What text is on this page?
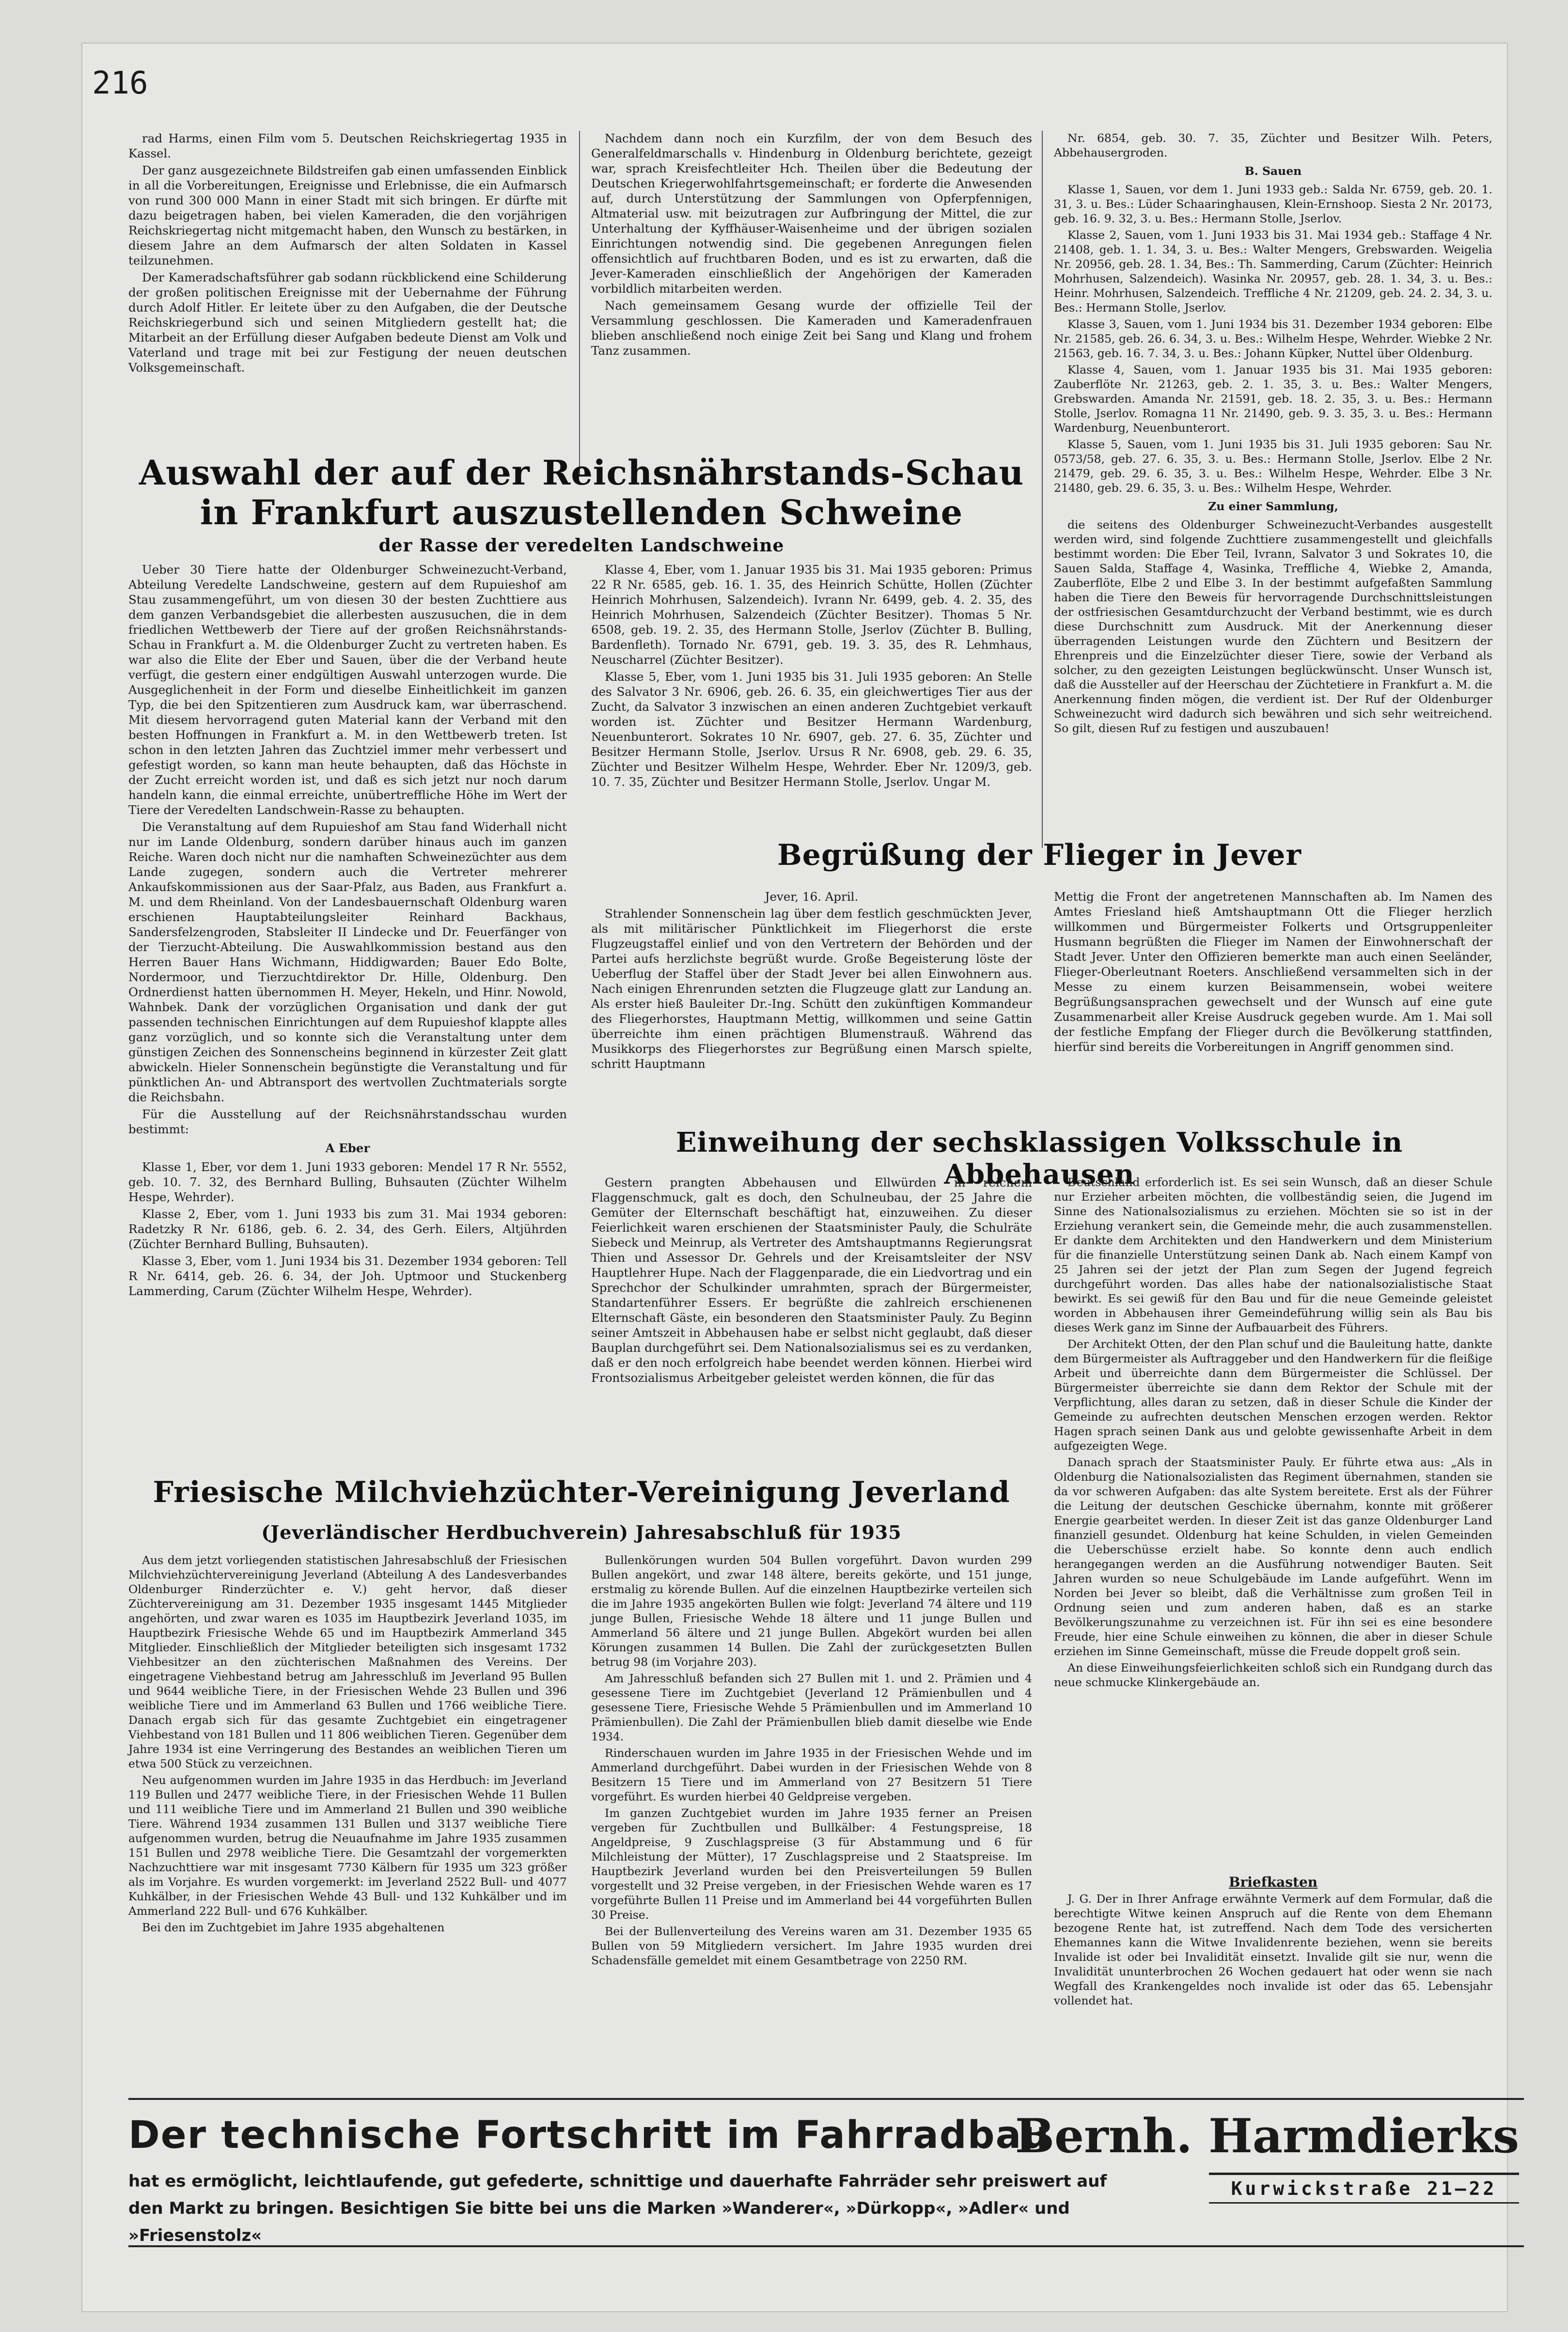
216

rad Harms, einen Film vom 5. Deutschen Reichskriegertag 1935 in Kassel.

Der ganz ausgezeichnete Bildstreifen gab einen umfassenden Einblick in all die Vorbereitungen, Ereignisse und Erlebnisse, die ein Aufmarsch von rund 300 000 Mann in einer Stadt mit sich bringen. Er dürfte mit dazu beigetragen haben, bei vielen Kameraden, die den vorjährigen Reichskriegertag nicht mitgemacht haben, den Wunsch zu bestärken, in diesem Jahre an dem Aufmarsch der alten Soldaten in Kassel teilzunehmen.

Der Kameradschaftsführer gab sodann rückblickend eine Schilderung der großen politischen Ereignisse mit der Uebernahme der Führung durch Adolf Hitler. Er leitete über zu den Aufgaben, die der Deutsche Reichskriegerbund sich und seinen Mitgliedern gestellt hat; die Mitarbeit an der Erfüllung dieser Aufgaben bedeute Dienst am Volk und Vaterland und trage mit bei zur Festigung der neuen deutschen Volksgemeinschaft.

Nachdem dann noch ein Kurzfilm, der von dem Besuch des Generalfeldmarschalls v. Hindenburg in Oldenburg berichtete, gezeigt war, sprach Kreisfechtleiter Hch. Theilen über die Bedeutung der Deutschen Kriegerwohlfahrtsgemeinschaft; er forderte die Anwesenden auf, durch Unterstützung der Sammlungen von Opferpfennigen, Altmaterial usw. mit beizutragen zur Aufbringung der Mittel, die zur Unterhaltung der Kyffhäuser-Waisenheime und der übrigen sozialen Einrichtungen notwendig sind. Die gegebenen Anregungen fielen offensichtlich auf fruchtbaren Boden, und es ist zu erwarten, daß die Jever-Kameraden einschließlich der Angehörigen der Kameraden vorbildlich mitarbeiten werden.

Nach gemeinsamem Gesang wurde der offizielle Teil der Versammlung geschlossen. Die Kameraden und Kameradenfrauen blieben anschließend noch einige Zeit bei Sang und Klang und frohem Tanz zusammen.

Nr. 6854, geb. 30. 7. 35, Züchter und Besitzer Wilh. Peters, Abbehausergroden.

B. Sauen

Klasse 1, Sauen, vor dem 1. Juni 1933 geb.: Salda Nr. 6759, geb. 20. 1. 31, 3. u. Bes.: Lüder Schaaringhausen, Klein-Ernshoop. Siesta 2 Nr. 20173, geb. 16. 9. 32, 3. u. Bes.: Hermann Stolle, Jserlov.

Klasse 2, Sauen, vom 1. Juni 1933 bis 31. Mai 1934 geb.: Staffage 4 Nr. 21408, geb. 1. 1. 34, 3. u. Bes.: Walter Mengers, Grebswarden. Weigelia Nr. 20956, geb. 28. 1. 34, Bes.: Th. Sammerding, Carum (Züchter: Heinrich Mohrhusen, Salzendeich). Wasinka Nr. 20957, geb. 28. 1. 34, 3. u. Bes.: Heinr. Mohrhusen, Salzendeich. Treffliche 4 Nr. 21209, geb. 24. 2. 34, 3. u. Bes.: Hermann Stolle, Jserlov.

Klasse 3, Sauen, vom 1. Juni 1934 bis 31. Dezember 1934 geboren: Elbe Nr. 21585, geb. 26. 6. 34, 3. u. Bes.: Wilhelm Hespe, Wehrder. Wiebke 2 Nr. 21563, geb. 16. 7. 34, 3. u. Bes.: Johann Küpker, Nuttel über Oldenburg.

Klasse 4, Sauen, vom 1. Januar 1935 bis 31. Mai 1935 geboren: Zauberflöte Nr. 21263, geb. 2. 1. 35, 3. u. Bes.: Walter Mengers, Grebswarden. Amanda Nr. 21591, geb. 18. 2. 35, 3. u. Bes.: Hermann Stolle, Jserlov. Romagna 11 Nr. 21490, geb. 9. 3. 35, 3. u. Bes.: Hermann Wardenburg, Neuenbunterort.

Klasse 5, Sauen, vom 1. Juni 1935 bis 31. Juli 1935 geboren: Sau Nr. 0573/58, geb. 27. 6. 35, 3. u. Bes.: Hermann Stolle, Jserlov. Elbe 2 Nr. 21479, geb. 29. 6. 35, 3. u. Bes.: Wilhelm Hespe, Wehrder. Elbe 3 Nr. 21480, geb. 29. 6. 35, 3. u. Bes.: Wilhelm Hespe, Wehrder.

Zu einer Sammlung,

die seitens des Oldenburger Schweinezucht-Verbandes ausgestellt werden wird, sind folgende Zuchttiere zusammengestellt und gleichfalls bestimmt worden: Die Eber Teil, Ivrann, Salvator 3 und Sokrates 10, die Sauen Salda, Staffage 4, Wasinka, Treffliche 4, Wiebke 2, Amanda, Zauberflöte, Elbe 2 und Elbe 3. In der bestimmt aufgefaßten Sammlung haben die Tiere den Beweis für hervorragende Durchschnittsleistungen der ostfriesischen Gesamtdurchzucht der Verband bestimmt, wie es durch diese Durchschnitt zum Ausdruck. Mit der Anerkennung dieser überragenden Leistungen wurde den Züchtern und Besitzern der Ehrenpreis und die Einzelzüchter dieser Tiere, sowie der Verband als solcher, zu den gezeigten Leistungen beglückwünscht. Unser Wunsch ist, daß die Aussteller auf der Heerschau der Züchtetiere in Frankfurt a. M. die Anerkennung finden mögen, die verdient ist. Der Ruf der Oldenburger Schweinezucht wird dadurch sich bewähren und sich sehr weitreichend. So gilt, diesen Ruf zu festigen und auszubauen!

Auswahl der auf der Reichsnährstands-Schau in Frankfurt auszustellenden Schweine
der Rasse der veredelten Landschweine

Ueber 30 Tiere hatte der Oldenburger Schweinezucht-Verband, Abteilung Veredelte Landschweine, gestern auf dem Rupuieshof am Stau zusammengeführt, um von diesen 30 der besten Zuchttiere aus dem ganzen Verbandsgebiet die allerbesten auszusuchen, die in dem friedlichen Wettbewerb der Tiere auf der großen Reichsnährstands-Schau in Frankfurt a. M. die Oldenburger Zucht zu vertreten haben. Es war also die Elite der Eber und Sauen, über die der Verband heute verfügt, die gestern einer endgültigen Auswahl unterzogen wurde. Die Ausgeglichenheit in der Form und dieselbe Einheitlichkeit im ganzen Typ, die bei den Spitzentieren zum Ausdruck kam, war überraschend. Mit diesem hervorragend guten Material kann der Verband mit den besten Hoffnungen in Frankfurt a. M. in den Wettbewerb treten. Ist schon in den letzten Jahren das Zuchtziel immer mehr verbessert und gefestigt worden, so kann man heute behaupten, daß das Höchste in der Zucht erreicht worden ist, und daß es sich jetzt nur noch darum handeln kann, die einmal erreichte, unübertreffliche Höhe im Wert der Tiere der Veredelten Landschwein-Rasse zu behaupten.

Die Veranstaltung auf dem Rupuieshof am Stau fand Widerhall nicht nur im Lande Oldenburg, sondern darüber hinaus auch im ganzen Reiche. Waren doch nicht nur die namhaften Schweinezüchter aus dem Lande zugegen, sondern auch die Vertreter mehrerer Ankaufskommissionen aus der Saar-Pfalz, aus Baden, aus Frankfurt a. M. und dem Rheinland. Von der Landesbauernschaft Oldenburg waren erschienen Hauptabteilungsleiter Reinhard Backhaus, Sandersfelzengroden, Stabsleiter II Lindecke und Dr. Feuerfänger von der Tierzucht-Abteilung. Die Auswahlkommission bestand aus den Herren Bauer Hans Wichmann, Hiddigwarden; Bauer Edo Bolte, Nordermoor, und Tierzuchtdirektor Dr. Hille, Oldenburg. Den Ordnerdienst hatten übernommen H. Meyer, Hekeln, und Hinr. Nowold, Wahnbek. Dank der vorzüglichen Organisation und dank der gut passenden technischen Einrichtungen auf dem Rupuieshof klappte alles ganz vorzüglich, und so konnte sich die Veranstaltung unter dem günstigen Zeichen des Sonnenscheins beginnend in kürzester Zeit glatt abwickeln. Hieler Sonnenschein begünstigte die Veranstaltung und für pünktlichen An- und Abtransport des wertvollen Zuchtmaterials sorgte die Reichsbahn.

Für die Ausstellung auf der Reichsnährstandsschau wurden bestimmt:

A Eber

Klasse 1, Eber, vor dem 1. Juni 1933 geboren: Mendel 17 R Nr. 5552, geb. 10. 7. 32, des Bernhard Bulling, Buhsauten (Züchter Wilhelm Hespe, Wehrder).

Klasse 2, Eber, vom 1. Juni 1933 bis zum 31. Mai 1934 geboren: Radetzky R Nr. 6186, geb. 6. 2. 34, des Gerh. Eilers, Altjührden (Züchter Bernhard Bulling, Buhsauten).

Klasse 3, Eber, vom 1. Juni 1934 bis 31. Dezember 1934 geboren: Tell R Nr. 6414, geb. 26. 6. 34, der Joh. Uptmoor und Stuckenberg Lammerding, Carum (Züchter Wilhelm Hespe, Wehrder).

Klasse 4, Eber, vom 1. Januar 1935 bis 31. Mai 1935 geboren: Primus 22 R Nr. 6585, geb. 16. 1. 35, des Heinrich Schütte, Hollen (Züchter Heinrich Mohrhusen, Salzendeich). Ivrann Nr. 6499, geb. 4. 2. 35, des Heinrich Mohrhusen, Salzendeich (Züchter Besitzer). Thomas 5 Nr. 6508, geb. 19. 2. 35, des Hermann Stolle, Jserlov (Züchter B. Bulling, Bardenfleth). Tornado Nr. 6791, geb. 19. 3. 35, des R. Lehmhaus, Neuscharrel (Züchter Besitzer).

Klasse 5, Eber, vom 1. Juni 1935 bis 31. Juli 1935 geboren: An Stelle des Salvator 3 Nr. 6906, geb. 26. 6. 35, ein gleichwertiges Tier aus der Zucht, da Salvator 3 inzwischen an einen anderen Zuchtgebiet verkauft worden ist. Züchter und Besitzer Hermann Wardenburg, Neuenbunterort. Sokrates 10 Nr. 6907, geb. 27. 6. 35, Züchter und Besitzer Hermann Stolle, Jserlov. Ursus R Nr. 6908, geb. 29. 6. 35, Züchter und Besitzer Wilhelm Hespe, Wehrder. Eber Nr. 1209/3, geb. 10. 7. 35, Züchter und Besitzer Hermann Stolle, Jserlov. Ungar M.

Begrüßung der Flieger in Jever

Jever, 16. April.

Strahlender Sonnenschein lag über dem festlich geschmückten Jever, als mit militärischer Pünktlichkeit im Fliegerhorst die erste Flugzeugstaffel einlief und von den Vertretern der Behörden und der Partei aufs herzlichste begrüßt wurde. Große Begeisterung löste der Ueberflug der Staffel über der Stadt Jever bei allen Einwohnern aus. Nach einigen Ehrenrunden setzten die Flugzeuge glatt zur Landung an. Als erster hieß Bauleiter Dr.-Ing. Schütt den zukünftigen Kommandeur des Fliegerhorstes, Hauptmann Mettig, willkommen und seine Gattin überreichte ihm einen prächtigen Blumenstrauß. Während das Musikkorps des Fliegerhorstes zur Begrüßung einen Marsch spielte, schritt Hauptmann

Mettig die Front der angetretenen Mannschaften ab. Im Namen des Amtes Friesland hieß Amtshauptmann Ott die Flieger herzlich willkommen und Bürgermeister Folkerts und Ortsgruppenleiter Husmann begrüßten die Flieger im Namen der Einwohnerschaft der Stadt Jever. Unter den Offizieren bemerkte man auch einen Seeländer, Flieger-Oberleutnant Roeters. Anschließend versammelten sich in der Messe zu einem kurzen Beisammensein, wobei weitere Begrüßungsansprachen gewechselt und der Wunsch auf eine gute Zusammenarbeit aller Kreise Ausdruck gegeben wurde. Am 1. Mai soll der festliche Empfang der Flieger durch die Bevölkerung stattfinden, hierfür sind bereits die Vorbereitungen in Angriff genommen sind.

Einweihung der sechsklassigen Volksschule in Abbehausen

Gestern prangten Abbehausen und Ellwürden in reichem Flaggenschmuck, galt es doch, den Schulneubau, der 25 Jahre die Gemüter der Elternschaft beschäftigt hat, einzuweihen. Zu dieser Feierlichkeit waren erschienen der Staatsminister Pauly, die Schulräte Siebeck und Meinrup, als Vertreter des Amtshauptmanns Regierungsrat Thien und Assessor Dr. Gehrels und der Kreisamtsleiter der NSV Hauptlehrer Hupe. Nach der Flaggenparade, die ein Liedvortrag und ein Sprechchor der Schulkinder umrahmten, sprach der Bürgermeister, Standartenführer Essers. Er begrüßte die zahlreich erschienenen Elternschaft Gäste, ein besonderen den Staatsminister Pauly. Zu Beginn seiner Amtszeit in Abbehausen habe er selbst nicht geglaubt, daß dieser Bauplan durchgeführt sei. Dem Nationalsozialismus sei es zu verdanken, daß er den noch erfolgreich habe beendet werden können. Hierbei wird Frontsozialismus Arbeitgeber geleistet werden können, die für das

Deutschland erforderlich ist. Es sei sein Wunsch, daß an dieser Schule nur Erzieher arbeiten möchten, die vollbeständig seien, die Jugend im Sinne des Nationalsozialismus zu erziehen. Möchten sie so ist in der Erziehung verankert sein, die Gemeinde mehr, die auch zusammenstellen. Er dankte dem Architekten und den Handwerkern und dem Ministerium für die finanzielle Unterstützung seinen Dank ab. Nach einem Kampf von 25 Jahren sei der jetzt der Plan zum Segen der Jugend fegreich durchgeführt worden. Das alles habe der nationalsozialistische Staat bewirkt. Es sei gewiß für den Bau und für die neue Gemeinde geleistet worden in Abbehausen ihrer Gemeindeführung willig sein als Bau bis dieses Werk ganz im Sinne der Aufbauarbeit des Führers.

Der Architekt Otten, der den Plan schuf und die Bauleitung hatte, dankte dem Bürgermeister als Auftraggeber und den Handwerkern für die fleißige Arbeit und überreichte dann dem Bürgermeister die Schlüssel. Der Bürgermeister überreichte sie dann dem Rektor der Schule mit der Verpflichtung, alles daran zu setzen, daß in dieser Schule die Kinder der Gemeinde zu aufrechten deutschen Menschen erzogen werden. Rektor Hagen sprach seinen Dank aus und gelobte gewissenhafte Arbeit in dem aufgezeigten Wege.

Danach sprach der Staatsminister Pauly. Er führte etwa aus: „Als in Oldenburg die Nationalsozialisten das Regiment übernahmen, standen sie da vor schweren Aufgaben: das alte System bereitete. Erst als der Führer die Leitung der deutschen Geschicke übernahm, konnte mit größerer Energie gearbeitet werden. In dieser Zeit ist das ganze Oldenburger Land finanziell gesundet. Oldenburg hat keine Schulden, in vielen Gemeinden die Ueberschüsse erzielt habe. So konnte denn auch endlich herangegangen werden an die Ausführung notwendiger Bauten. Seit Jahren wurden so neue Schulgebäude im Lande aufgeführt. Wenn im Norden bei Jever so bleibt, daß die Verhältnisse zum großen Teil in Ordnung seien und zum anderen haben, daß es an starke Bevölkerungszunahme zu verzeichnen ist. Für ihn sei es eine besondere Freude, hier eine Schule einweihen zu können, die aber in dieser Schule erziehen im Sinne Gemeinschaft, müsse die Freude doppelt groß sein.

An diese Einweihungsfeierlichkeiten schloß sich ein Rundgang durch das neue schmucke Klinkergebäude an.

Briefkasten

J. G. Der in Ihrer Anfrage erwähnte Vermerk auf dem Formular, daß die berechtigte Witwe keinen Anspruch auf die Rente von dem Ehemann bezogene Rente hat, ist zutreffend. Nach dem Tode des versicherten Ehemannes kann die Witwe Invalidenrente beziehen, wenn sie bereits Invalide ist oder bei Invalidität einsetzt. Invalide gilt sie nur, wenn die Invalidität ununterbrochen 26 Wochen gedauert hat oder wenn sie nach Wegfall des Krankengeldes noch invalide ist oder das 65. Lebensjahr vollendet hat.

Friesische Milchviehzüchter-Vereinigung Jeverland
(Jeverländischer Herdbuchverein) Jahresabschluß für 1935

Aus dem jetzt vorliegenden statistischen Jahresabschluß der Friesischen Milchviehzüchtervereinigung Jeverland (Abteilung A des Landesverbandes Oldenburger Rinderzüchter e. V.) geht hervor, daß dieser Züchtervereinigung am 31. Dezember 1935 insgesamt 1445 Mitglieder angehörten, und zwar waren es 1035 im Hauptbezirk Jeverland 1035, im Hauptbezirk Friesische Wehde 65 und im Hauptbezirk Ammerland 345 Mitglieder. Einschließlich der Mitglieder beteiligten sich insgesamt 1732 Viehbesitzer an den züchterischen Maßnahmen des Vereins. Der eingetragene Viehbestand betrug am Jahresschluß im Jeverland 95 Bullen und 9644 weibliche Tiere, in der Friesischen Wehde 23 Bullen und 396 weibliche Tiere und im Ammerland 63 Bullen und 1766 weibliche Tiere. Danach ergab sich für das gesamte Zuchtgebiet ein eingetragener Viehbestand von 181 Bullen und 11 806 weiblichen Tieren. Gegenüber dem Jahre 1934 ist eine Verringerung des Bestandes an weiblichen Tieren um etwa 500 Stück zu verzeichnen.

Neu aufgenommen wurden im Jahre 1935 in das Herdbuch: im Jeverland 119 Bullen und 2477 weibliche Tiere, in der Friesischen Wehde 11 Bullen und 111 weibliche Tiere und im Ammerland 21 Bullen und 390 weibliche Tiere. Während 1934 zusammen 131 Bullen und 3137 weibliche Tiere aufgenommen wurden, betrug die Neuaufnahme im Jahre 1935 zusammen 151 Bullen und 2978 weibliche Tiere. Die Gesamtzahl der vorgemerkten Nachzuchttiere war mit insgesamt 7730 Kälbern für 1935 um 323 größer als im Vorjahre. Es wurden vorgemerkt: im Jeverland 2522 Bull- und 4077 Kuhkälber, in der Friesischen Wehde 43 Bull- und 132 Kuhkälber und im Ammerland 222 Bull- und 676 Kuhkälber.

Bei den im Zuchtgebiet im Jahre 1935 abgehaltenen

Bullenkörungen wurden 504 Bullen vorgeführt. Davon wurden 299 Bullen angekört, und zwar 148 ältere, bereits gekörte, und 151 junge, erstmalig zu körende Bullen. Auf die einzelnen Hauptbezirke verteilen sich die im Jahre 1935 angekörten Bullen wie folgt: Jeverland 74 ältere und 119 junge Bullen, Friesische Wehde 18 ältere und 11 junge Bullen und Ammerland 56 ältere und 21 junge Bullen. Abgekört wurden bei allen Körungen zusammen 14 Bullen. Die Zahl der zurückgesetzten Bullen betrug 98 (im Vorjahre 203).

Am Jahresschluß befanden sich 27 Bullen mit 1. und 2. Prämien und 4 gesessene Tiere im Zuchtgebiet (Jeverland 12 Prämienbullen und 4 gesessene Tiere, Friesische Wehde 5 Prämienbullen und im Ammerland 10 Prämienbullen). Die Zahl der Prämienbullen blieb damit dieselbe wie Ende 1934.

Rinderschauen wurden im Jahre 1935 in der Friesischen Wehde und im Ammerland durchgeführt. Dabei wurden in der Friesischen Wehde von 8 Besitzern 15 Tiere und im Ammerland von 27 Besitzern 51 Tiere vorgeführt. Es wurden hierbei 40 Geldpreise vergeben.

Im ganzen Zuchtgebiet wurden im Jahre 1935 ferner an Preisen vergeben für Zuchtbullen und Bullkälber: 4 Festungspreise, 18 Angeldpreise, 9 Zuschlagspreise (3 für Abstammung und 6 für Milchleistung der Mütter), 17 Zuschlagspreise und 2 Staatspreise. Im Hauptbezirk Jeverland wurden bei den Preisverteilungen 59 Bullen vorgestellt und 32 Preise vergeben, in der Friesischen Wehde waren es 17 vorgeführte Bullen 11 Preise und im Ammerland bei 44 vorgeführten Bullen 30 Preise.

Bei der Bullenverteilung des Vereins waren am 31. Dezember 1935 65 Bullen von 59 Mitgliedern versichert. Im Jahre 1935 wurden drei Schadensfälle gemeldet mit einem Gesamtbetrage von 2250 RM.

Der technische Fortschritt im Fahrradbau
hat es ermöglicht, leichtlaufende, gut gefederte, schnittige und dauerhafte Fahrräder sehr preiswert auf den Markt zu bringen. Besichtigen Sie bitte bei uns die Marken »Wanderer«, »Dürkopp«, »Adler« und »Friesenstolz«
Bernh. Harmdierks
Kurwickstraße 21—22
